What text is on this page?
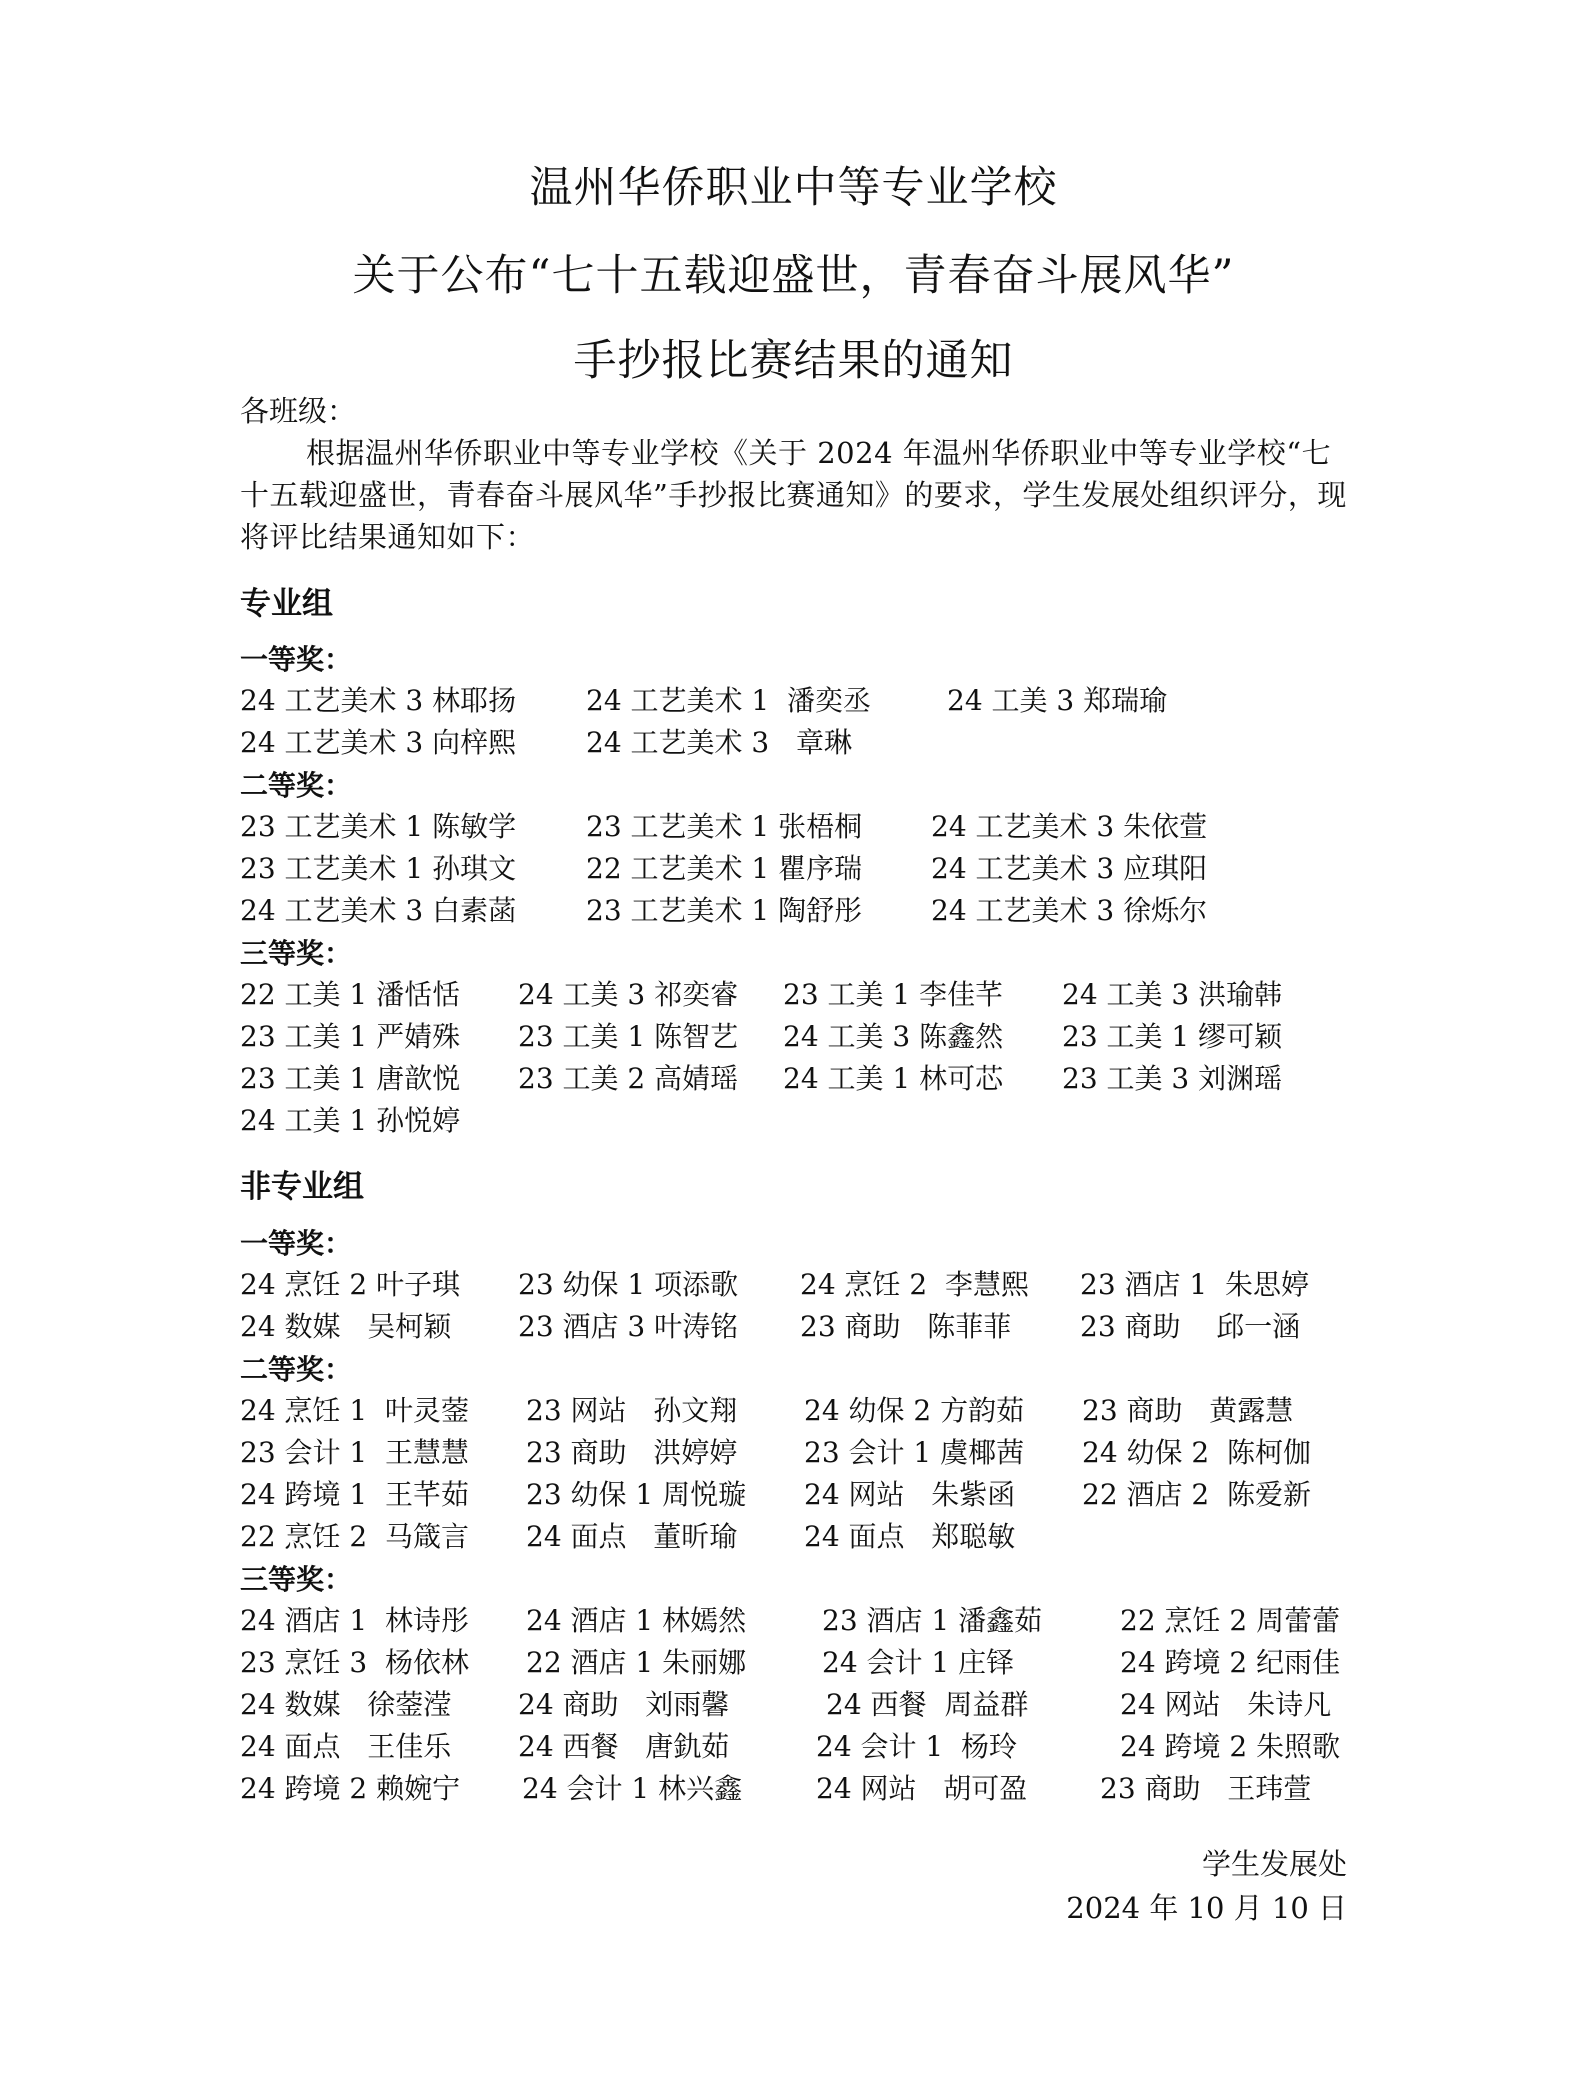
温州华侨职业中等专业学校
关于公布“七十五载迎盛世，青春奋斗展风华”
手抄报比赛结果的通知
各班级：
根据温州华侨职业中等专业学校《关于 2024 年温州华侨职业中等专业学校“七十五载迎盛世，青春奋斗展风华”手抄报比赛通知》的要求，学生发展处组织评分，现将评比结果通知如下：
专业组
一等奖：
24 工艺美术 3 林耶扬 24 工艺美术 1  潘奕丞	24 工美 3 郑瑞瑜
24 工艺美术 3 向梓熙 24 工艺美术 3   章琳
二等奖：
23 工艺美术 1 陈敏学 23 工艺美术 1 张梧桐 24 工艺美术 3 朱依萱
23 工艺美术 1 孙琪文 22 工艺美术 1 瞿序瑞 24 工艺美术 3 应琪阳
24 工艺美术 3 白素菡 23 工艺美术 1 陶舒彤 24 工艺美术 3 徐烁尔
三等奖：
22 工美 1 潘恬恬 24 工美 3 祁奕睿 23 工美 1 李佳芊 24 工美 3 洪瑜韩
23 工美 1 严婧殊 23 工美 1 陈智艺 24 工美 3 陈鑫然 23 工美 1 缪可颖
23 工美 1 唐歆悦 23 工美 2 高婧瑶 24 工美 1 林可芯 23 工美 3 刘渊瑶
24 工美 1 孙悦婷
非专业组
一等奖：
24 烹饪 2 叶子琪 23 幼保 1 项添歌 24 烹饪 2  李慧熙 23 酒店 1  朱思婷
24 数媒   吴柯颖 23 酒店 3 叶涛铭 23 商助   陈菲菲 23 商助    邱一涵
二等奖：
24 烹饪 1  叶灵蓥 23 网站   孙文翔 24 幼保 2 方韵茹 23 商助   黄露慧
23 会计 1  王慧慧 23 商助   洪婷婷 23 会计 1 虞椰茜 24 幼保 2  陈柯伽
24 跨境 1  王芊茹 23 幼保 1 周悦璇 24 网站   朱紫函 22 酒店 2  陈爱新
22 烹饪 2  马箴言 24 面点   董昕瑜 24 面点   郑聪敏
三等奖：
24 酒店 1  林诗彤 24 酒店 1 林嫣然	23 酒店 1 潘鑫茹	22 烹饪 2 周蕾蕾
23 烹饪 3  杨依林 22 酒店 1 朱丽娜	24 会计 1 庄铎	24 跨境 2 纪雨佳
24 数媒   徐蓥滢 24 商助   刘雨馨	24 西餐  周益群	24 网站   朱诗凡
24 面点   王佳乐 24 西餐   唐釚茹	24 会计 1  杨玲	24 跨境 2 朱照歌
24 跨境 2 赖婉宁 24 会计 1 林兴鑫	24 网站   胡可盈	23 商助   王玮萱
学生发展处
2024 年 10 月 10 日
